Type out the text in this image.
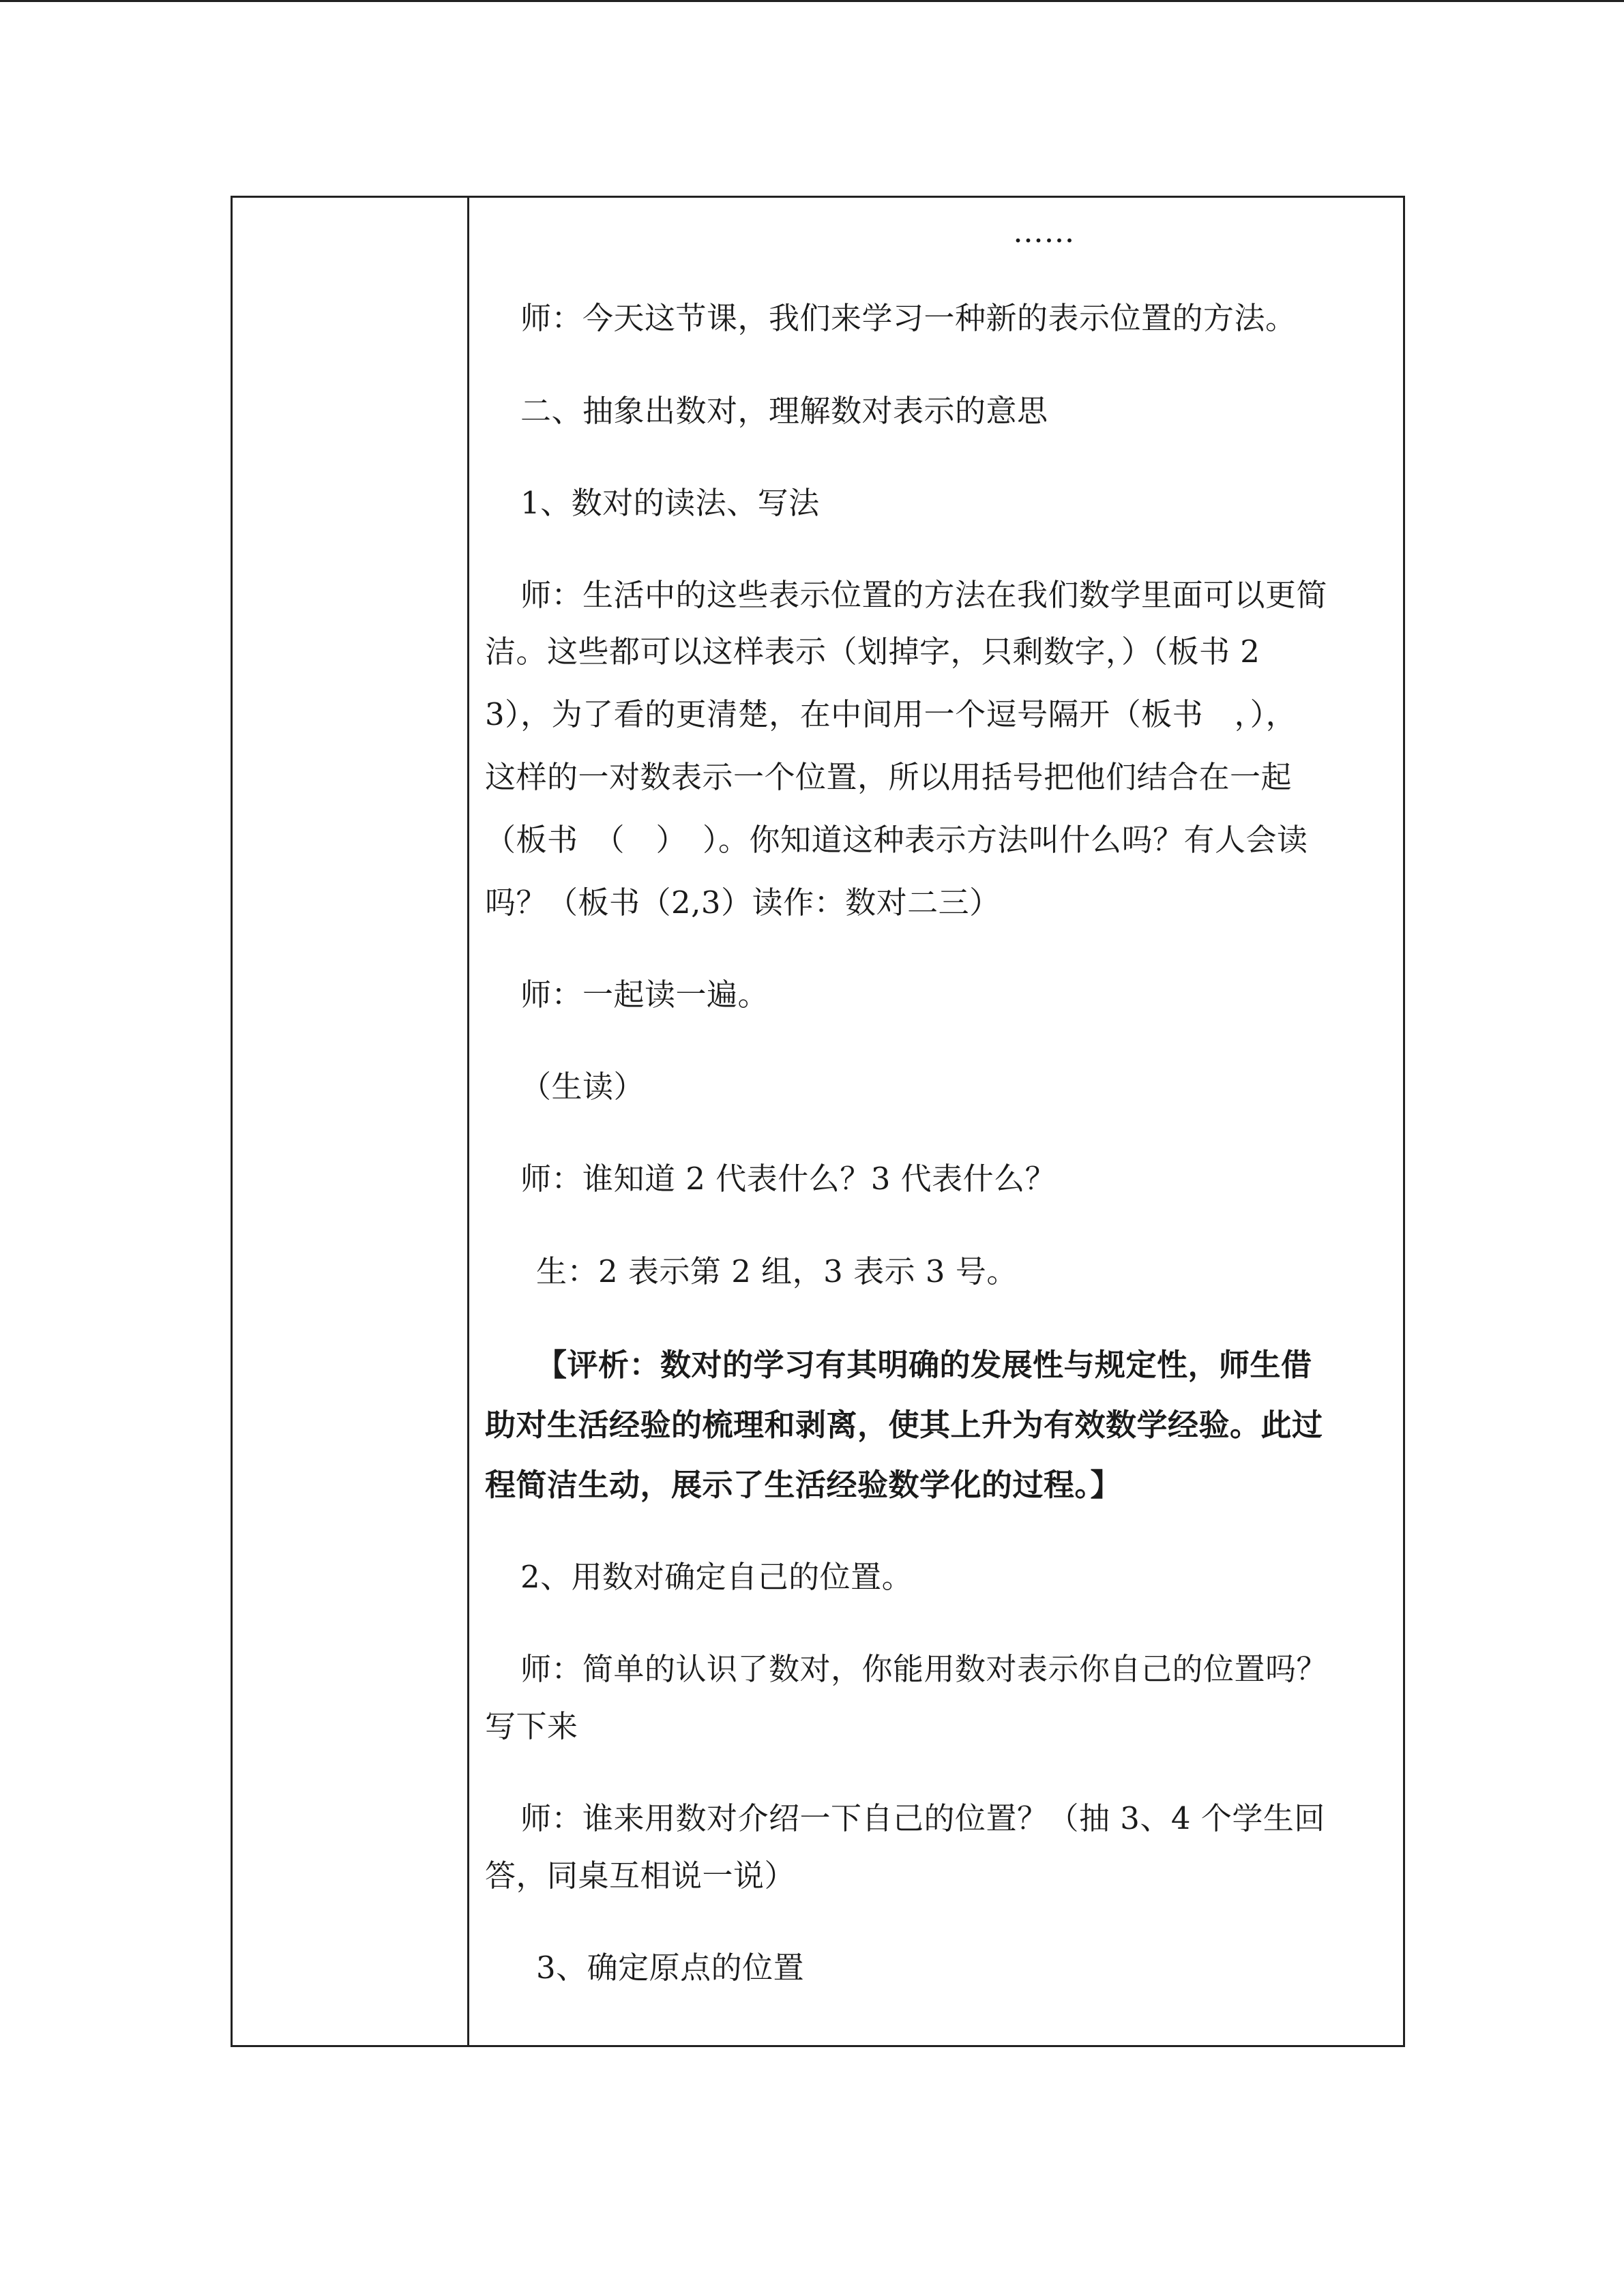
……
师：今天这节课，我们来学习一种新的表示位置的方法。
二、抽象出数对，理解数对表示的意思
1、数对的读法、写法
师：生活中的这些表示位置的方法在我们数学里面可以更简
洁。这些都可以这样表示（划掉字，只剩数字，）（板书 2
3），为了看的更清楚，在中间用一个逗号隔开（板书　，），
这样的一对数表示一个位置，所以用括号把他们结合在一起
（板书　（　）　）。你知道这种表示方法叫什么吗？有人会读
吗？（板书（2,3）读作：数对二三）
师：一起读一遍。
（生读）
师：谁知道 2 代表什么？3 代表什么？
生：2 表示第 2 组，3 表示 3 号。
【评析：数对的学习有其明确的发展性与规定性，师生借
助对生活经验的梳理和剥离，使其上升为有效数学经验。此过
程简洁生动，展示了生活经验数学化的过程。】
2、用数对确定自己的位置。
师：简单的认识了数对，你能用数对表示你自己的位置吗？
写下来
师：谁来用数对介绍一下自己的位置？（抽 3、4 个学生回
答，同桌互相说一说）
3、确定原点的位置
